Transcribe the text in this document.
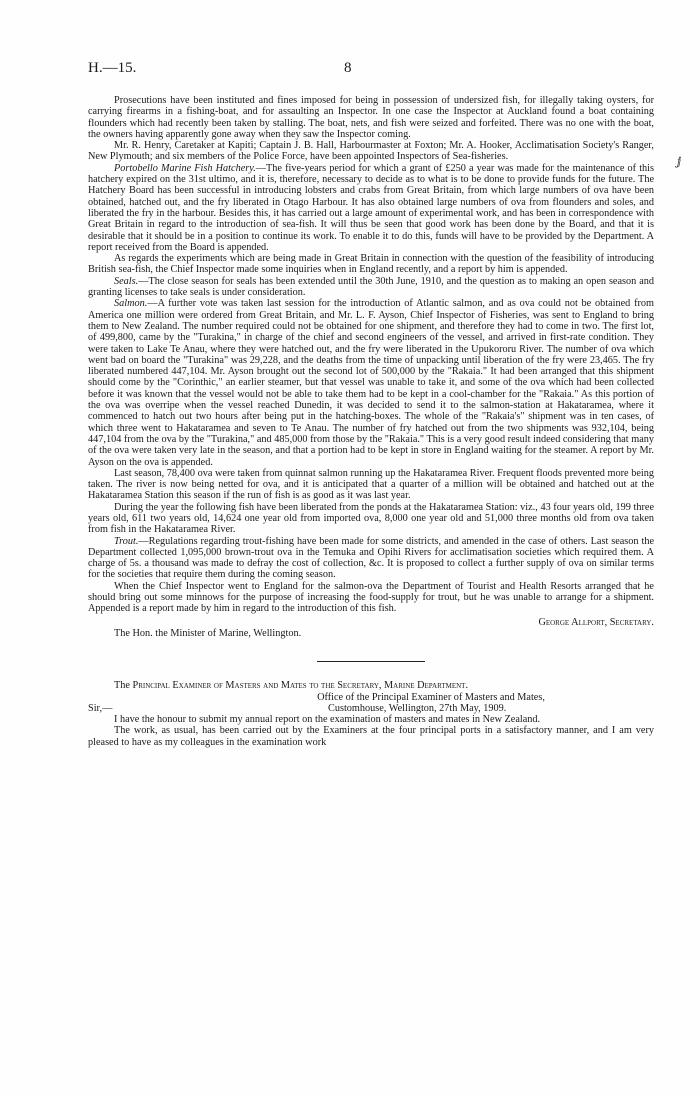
H.—15.	8
ⅉ

Prosecutions have been instituted and fines imposed for being in possession of undersized fish, for illegally taking oysters, for carrying firearms in a fishing-boat, and for assaulting an Inspector. In one case the Inspector at Auckland found a boat containing flounders which had recently been taken by stalling. The boat, nets, and fish were seized and forfeited. There was no one with the boat, the owners having apparently gone away when they saw the Inspector coming.

Mr. R. Henry, Caretaker at Kapiti; Captain J. B. Hall, Harbourmaster at Foxton; Mr. A. Hooker, Acclimatisation Society's Ranger, New Plymouth; and six members of the Police Force, have been appointed Inspectors of Sea-fisheries.

Portobello Marine Fish Hatchery.—The five-years period for which a grant of £250 a year was made for the maintenance of this hatchery expired on the 31st ultimo, and it is, therefore, necessary to decide as to what is to be done to provide funds for the future. The Hatchery Board has been successful in introducing lobsters and crabs from Great Britain, from which large numbers of ova have been obtained, hatched out, and the fry liberated in Otago Harbour. It has also obtained large numbers of ova from flounders and soles, and liberated the fry in the harbour. Besides this, it has carried out a large amount of experimental work, and has been in correspondence with Great Britain in regard to the introduction of sea-fish. It will thus be seen that good work has been done by the Board, and that it is desirable that it should be in a position to continue its work. To enable it to do this, funds will have to be provided by the Department. A report received from the Board is appended.

As regards the experiments which are being made in Great Britain in connection with the question of the feasibility of introducing British sea-fish, the Chief Inspector made some inquiries when in England recently, and a report by him is appended.

Seals.—The close season for seals has been extended until the 30th June, 1910, and the question as to making an open season and granting licenses to take seals is under consideration.

Salmon.—A further vote was taken last session for the introduction of Atlantic salmon, and as ova could not be obtained from America one million were ordered from Great Britain, and Mr. L. F. Ayson, Chief Inspector of Fisheries, was sent to England to bring them to New Zealand. The number required could not be obtained for one shipment, and therefore they had to come in two. The first lot, of 499,800, came by the "Turakina," in charge of the chief and second engineers of the vessel, and arrived in first-rate condition. They were taken to Lake Te Anau, where they were hatched out, and the fry were liberated in the Upukororu River. The number of ova which went bad on board the "Turakina" was 29,228, and the deaths from the time of unpacking until liberation of the fry were 23,465. The fry liberated numbered 447,104. Mr. Ayson brought out the second lot of 500,000 by the "Rakaia." It had been arranged that this shipment should come by the "Corinthic," an earlier steamer, but that vessel was unable to take it, and some of the ova which had been collected before it was known that the vessel would not be able to take them had to be kept in a cool-chamber for the "Rakaia." As this portion of the ova was overripe when the vessel reached Dunedin, it was decided to send it to the salmon-station at Hakataramea, where it commenced to hatch out two hours after being put in the hatching-boxes. The whole of the "Rakaia's" shipment was in ten cases, of which three went to Hakataramea and seven to Te Anau. The number of fry hatched out from the two shipments was 932,104, being 447,104 from the ova by the "Turakina," and 485,000 from those by the "Rakaia." This is a very good result indeed considering that many of the ova were taken very late in the season, and that a portion had to be kept in store in England waiting for the steamer. A report by Mr. Ayson on the ova is appended.

Last season, 78,400 ova were taken from quinnat salmon running up the Hakataramea River. Frequent floods prevented more being taken. The river is now being netted for ova, and it is anticipated that a quarter of a million will be obtained and hatched out at the Hakataramea Station this season if the run of fish is as good as it was last year.

During the year the following fish have been liberated from the ponds at the Hakataramea Station: viz., 43 four years old, 199 three years old, 611 two years old, 14,624 one year old from imported ova, 8,000 one year old and 51,000 three months old from ova taken from fish in the Hakataramea River.

Trout.—Regulations regarding trout-fishing have been made for some districts, and amended in the case of others. Last season the Department collected 1,095,000 brown-trout ova in the Temuka and Opihi Rivers for acclimatisation societies which required them. A charge of 5s. a thousand was made to defray the cost of collection, &c. It is proposed to collect a further supply of ova on similar terms for the societies that require them during the coming season.

When the Chief Inspector went to England for the salmon-ova the Department of Tourist and Health Resorts arranged that he should bring out some minnows for the purpose of increasing the food-supply for trout, but he was unable to arrange for a shipment. Appended is a report made by him in regard to the introduction of this fish.

George Allport, Secretary.
The Hon. the Minister of Marine, Wellington.
The Principal Examiner of Masters and Mates to the Secretary, Marine Department.
Office of the Principal Examiner of Masters and Mates,
Sir,—	Customhouse, Wellington, 27th May, 1909.

I have the honour to submit my annual report on the examination of masters and mates in New Zealand.

The work, as usual, has been carried out by the Examiners at the four principal ports in a satisfactory manner, and I am very pleased to have as my colleagues in the examination work
